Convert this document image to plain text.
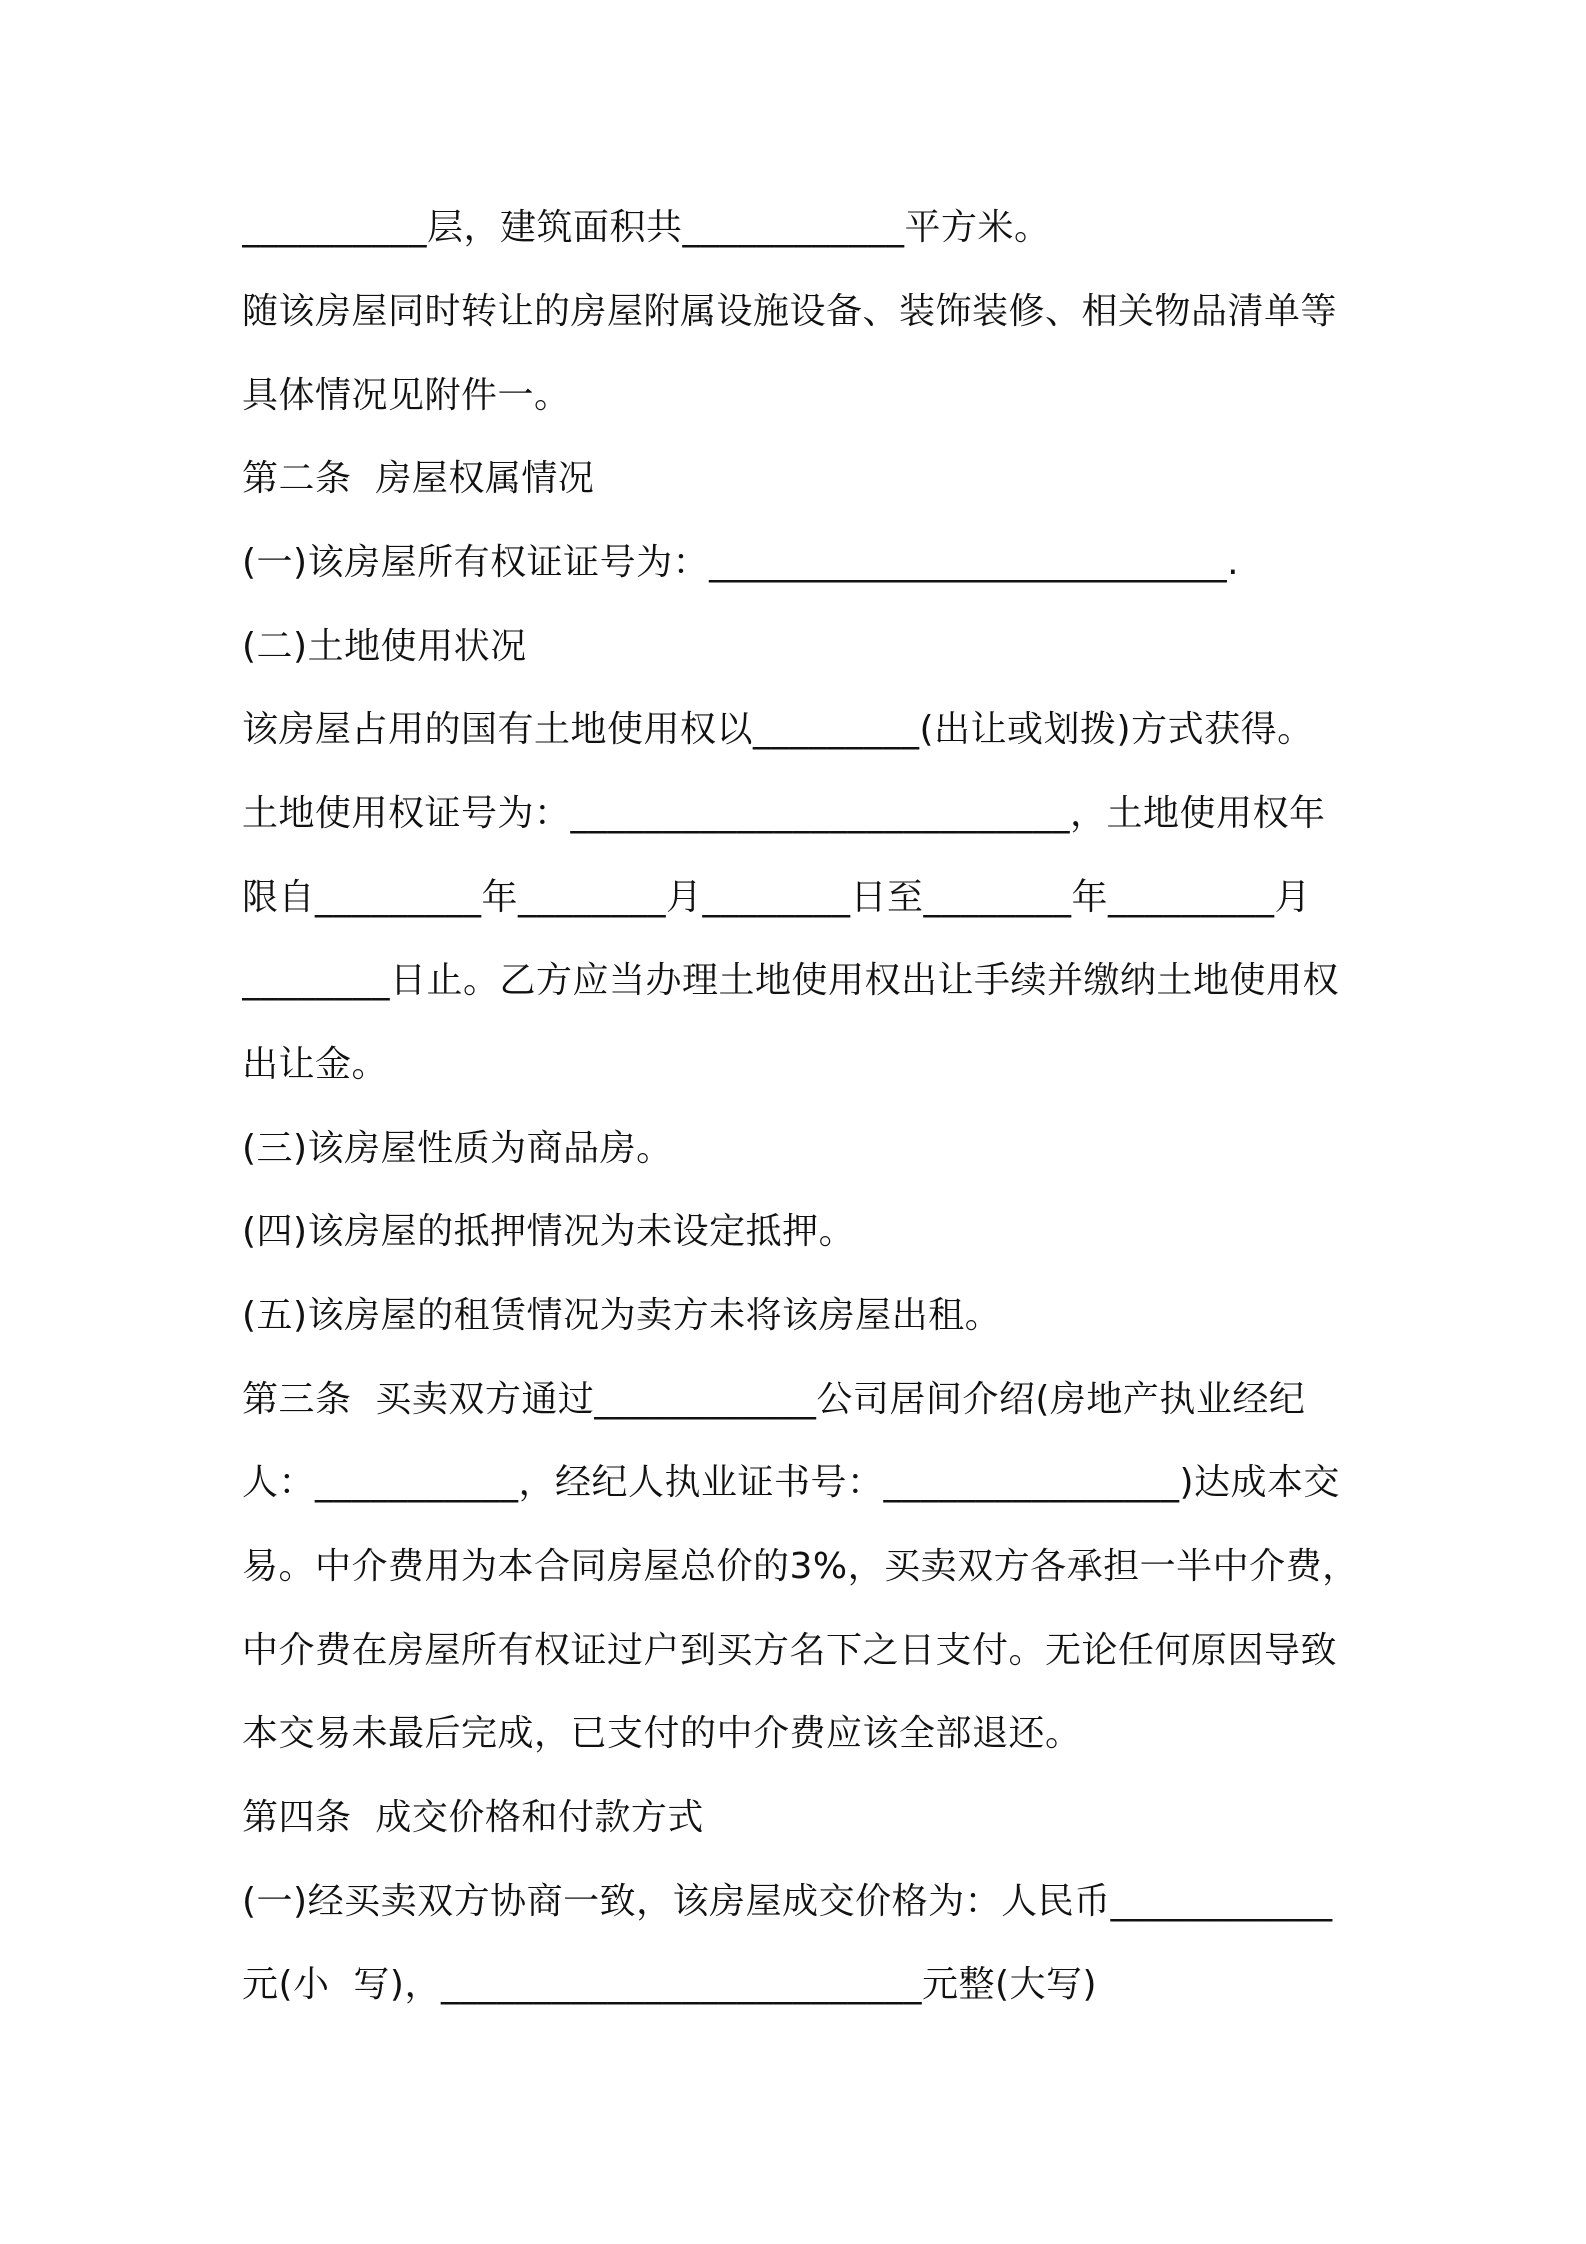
__________层，建筑面积共____________平方米。
随该房屋同时转让的房屋附属设施设备、装饰装修、相关物品清单等
具体情况见附件一。
第二条  房屋权属情况
(一)该房屋所有权证证号为：____________________________.
(二)土地使用状况
该房屋占用的国有土地使用权以_________(出让或划拨)方式获得。
土地使用权证号为：___________________________，土地使用权年
限自_________年________月________日至________年_________月
________日止。乙方应当办理土地使用权出让手续并缴纳土地使用权
出让金。
(三)该房屋性质为商品房。
(四)该房屋的抵押情况为未设定抵押。
(五)该房屋的租赁情况为卖方未将该房屋出租。
第三条  买卖双方通过____________公司居间介绍(房地产执业经纪
人：___________，经纪人执业证书号：________________)达成本交
易。中介费用为本合同房屋总价的3%，买卖双方各承担一半中介费，
中介费在房屋所有权证过户到买方名下之日支付。无论任何原因导致
本交易未最后完成，已支付的中介费应该全部退还。
第四条  成交价格和付款方式
(一)经买卖双方协商一致，该房屋成交价格为：人民币____________
元(小  写)，__________________________元整(大写)
